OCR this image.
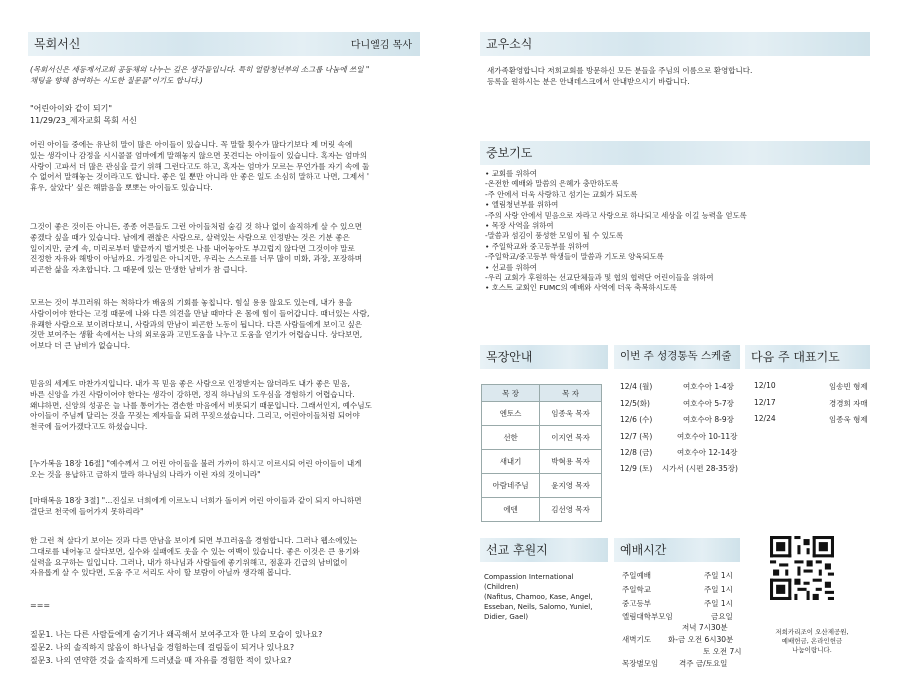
목회서신	다니엘김 목사
(목회서신은 세등제서교회 공동체의 나누는 깊은 생각들입니다. 특히 얼람청년부의 소그룹 나눔에 쓰일 "
채팅을 향해 참여하는 시도한 질문들"이기도 합니다.)
"어린아이와 같이 되기"
11/29/23_제자교회 목회 서신
어린 아이들 중에는 유난히 말이 많은 아이들이 있습니다. 꼭 말할 횟수가 많다기보다 제 머릿 속에
있는 생각이나 감정을 시시콜콜 엄마에게 말해놓지 않으면 못견디는 아이들이 있습니다. 혹자는 엄마의
사랑이 고파서 더 많은 관심을 끌기 위해 그런다고도 하고, 혹자는 엄마가 모르는 무언가를 자기 속에 둘
수 없어서 말해놓는 것이라고도 합니다. 좋은 일 뿐만 아니라 안 좋은 일도 소심히 말하고 나면, 그제서 '
휴우, 살았다' 싶은 해맑음을 뽀뽀는 아이들도 있습니다.
그것이 좋은 것이든 아니든, 종종 어른들도 그런 아이들처럼 숨김 것 하나 없이 솔직하게 살 수 있으면
좋겠다 싶을 때가 있습니다. 남에게 괜찮은 사람으로, 살력있는 사람으로 인정받는 것은 기분 좋은
일이지만, 굳게 속, 미리로부터 발끝까지 벌거벗은 나를 내어놓아도 부끄럽지 않다면 그것이야 말로
진정한 자유와 해방이 아닐까요. 가정일은 아니지만, 우리는 스스로를 너무 많이 미화, 과장, 포장하며
피곤한 삶을 자초합니다. 그 때문에 있는 만생한 남비가 참 큽니다.
모르는 것이 부끄러워 하는 척하다가 배움의 기회를 놓칩니다. 힘실 용용 않요도 있는데, 내가 용을
사람이어야 한다는 고정 때문에 나와 다른 의견을 만날 때마다 온 몸에 힘이 들어갑니다. 때너있는 사람,
유쾌한 사람으로 보이려다보니, 사람과의 만남이 피곤한 노동이 됩니다. 다른 사람들에게 보이고 싶은
것만 보여주는 생활 속에서는 나의 외로움과 고민도움을 나누고 도움을 얻기가 어렵습니다. 상다보면,
어보다 더 큰 남비가 없습니다.
믿음의 세계도 마찬가지입니다. 내가 꼭 믿음 좋은 사람으로 인정받지는 않더라도 내가 좋은 믿음,
바른 신앙을 가진 사람이어야 한다는 생각이 강하면, 정직 하나님의 도우심을 경험하기 어렵습니다.
왜냐하면, 신앙의 성공은 늘 나를 통어가는 겸손한 마음에서 비롯되기 때문입니다. 그래서인지, 예수님도
아이들이 주님께 달리는 것을 꾸짖는 제자들을 되려 꾸짖으셨습니다. 그리고, 어린아이들처럼 되어야
천국에 들어가겠다고도 하셨습니다.
[누가복음 18장 16절] "예수께서 그 어린 아이들을 불러 가까이 하시고 이르시되 어린 아이들이 내게
오는 것을 용납하고 금하지 말라 하나님의 나라가 이런 자의 것이니라"
[마태복음 18장 3절] "...진실로 너희에게 이르노니 너희가 돌이켜 어린 아이들과 같이 되지 아니하면
결단코 천국에 들어가지 못하리라"
한 그런 척 살다기 보이는 것과 다른 만남을 보이게 되면 부끄러움을 경험합니다. 그러나 웹소에있는
그대로를 내어놓고 살다보면, 실수와 실패에도 웃을 수 있는 여백이 있습니다. 좋은 이것은 큰 용기와
실력을 요구하는 일입니다. 그러나, 내가 하나님과 사람들에 좋기위해고, 점훈과 긴급의 남비없이
자유롭게 살 수 있다면, 도움 주고 서리도 사이 할 보람이 아닐까 생각해 봅니다.
===
질문1. 나는 다른 사람들에게 숨기거나 왜곡해서 보여주고자 한 나의 모습이 있나요?
질문2. 나의 솔직하지 않음이 하나님을 경험하는데 걸림돌이 되거나 있나요?
질문3. 나의 연약한 것을 솔직하게 드러냈을 때 자유를 경험한 적이 있나요?
교우소식
새가족환영합니다 저희교회를 방문하신 모든 분들을 주님의 이름으로 환영합니다.
등록을 원하시는 분은 안내데스크에서 안내받으시기 바랍니다.
중보기도
• 교회를 위하여
-온전한 예배와 말씀의 은혜가 충만하도록
-주 안에서 더욱 사랑하고 섬기는 교회가 되도록
• 엘림청년부를 위하여
-주의 사랑 안에서 믿음으로 자라고 사랑으로 하나되고 세상을 이길 능력을 얻도록
• 목장 사역을 위하여
-말씀과 섬김이 풍성한 모임이 될 수 있도록
• 주일학교와 중고등부를 위하여
-주일학교/중고등부 학생들이 말씀과 기도로 양육되도록
• 선교를 위하여
-우리 교회가 후원하는 선교단체들과 및 협의 협력단 어린이들을 위하여
• 호스트 교회인 FUMC의 예배와 사역에 더욱 축복하시도록
목장안내
목 장	목 자
엔토스	임종욱 목자
선한	이지연 목자
새내기	박혁용 목자
아람네주님	윤지영 목자
에덴	김선영 목자
이번 주 성경통독 스케줄
12/4 (월)	여호수아 1-4장
12/5(화)	여호수아 5-7장
12/6 (수)	여호수아 8-9장
12/7 (목)	여호수아 10-11장
12/8 (금)	여호수아 12-14장
12/9 (토) 시가서 (시편 28-35장)
다음 주 대표기도
12/10	임송빈 형제
12/17	경경희 자매
12/24	임종욱 형제
선교 후원지
Compassion International
(Children)
(Nafitus, Chamoo, Kase, Angel,
Esseban, Neils, Salomo, Yuniel,
Didier, Gael)
예배시간
주일예배	주일 1시
주일학교	주일 1시
중고등부	주일 1시
엘림대학부모임	금요일
저녁 7시30분
새벽기도 화-금 오전 6시30분
토 오전 7시
목장별모임	격주 금/토요일
저희카리조이 오산제공원,
예배헌금, 온라인헌금
나눔이랍니다.
